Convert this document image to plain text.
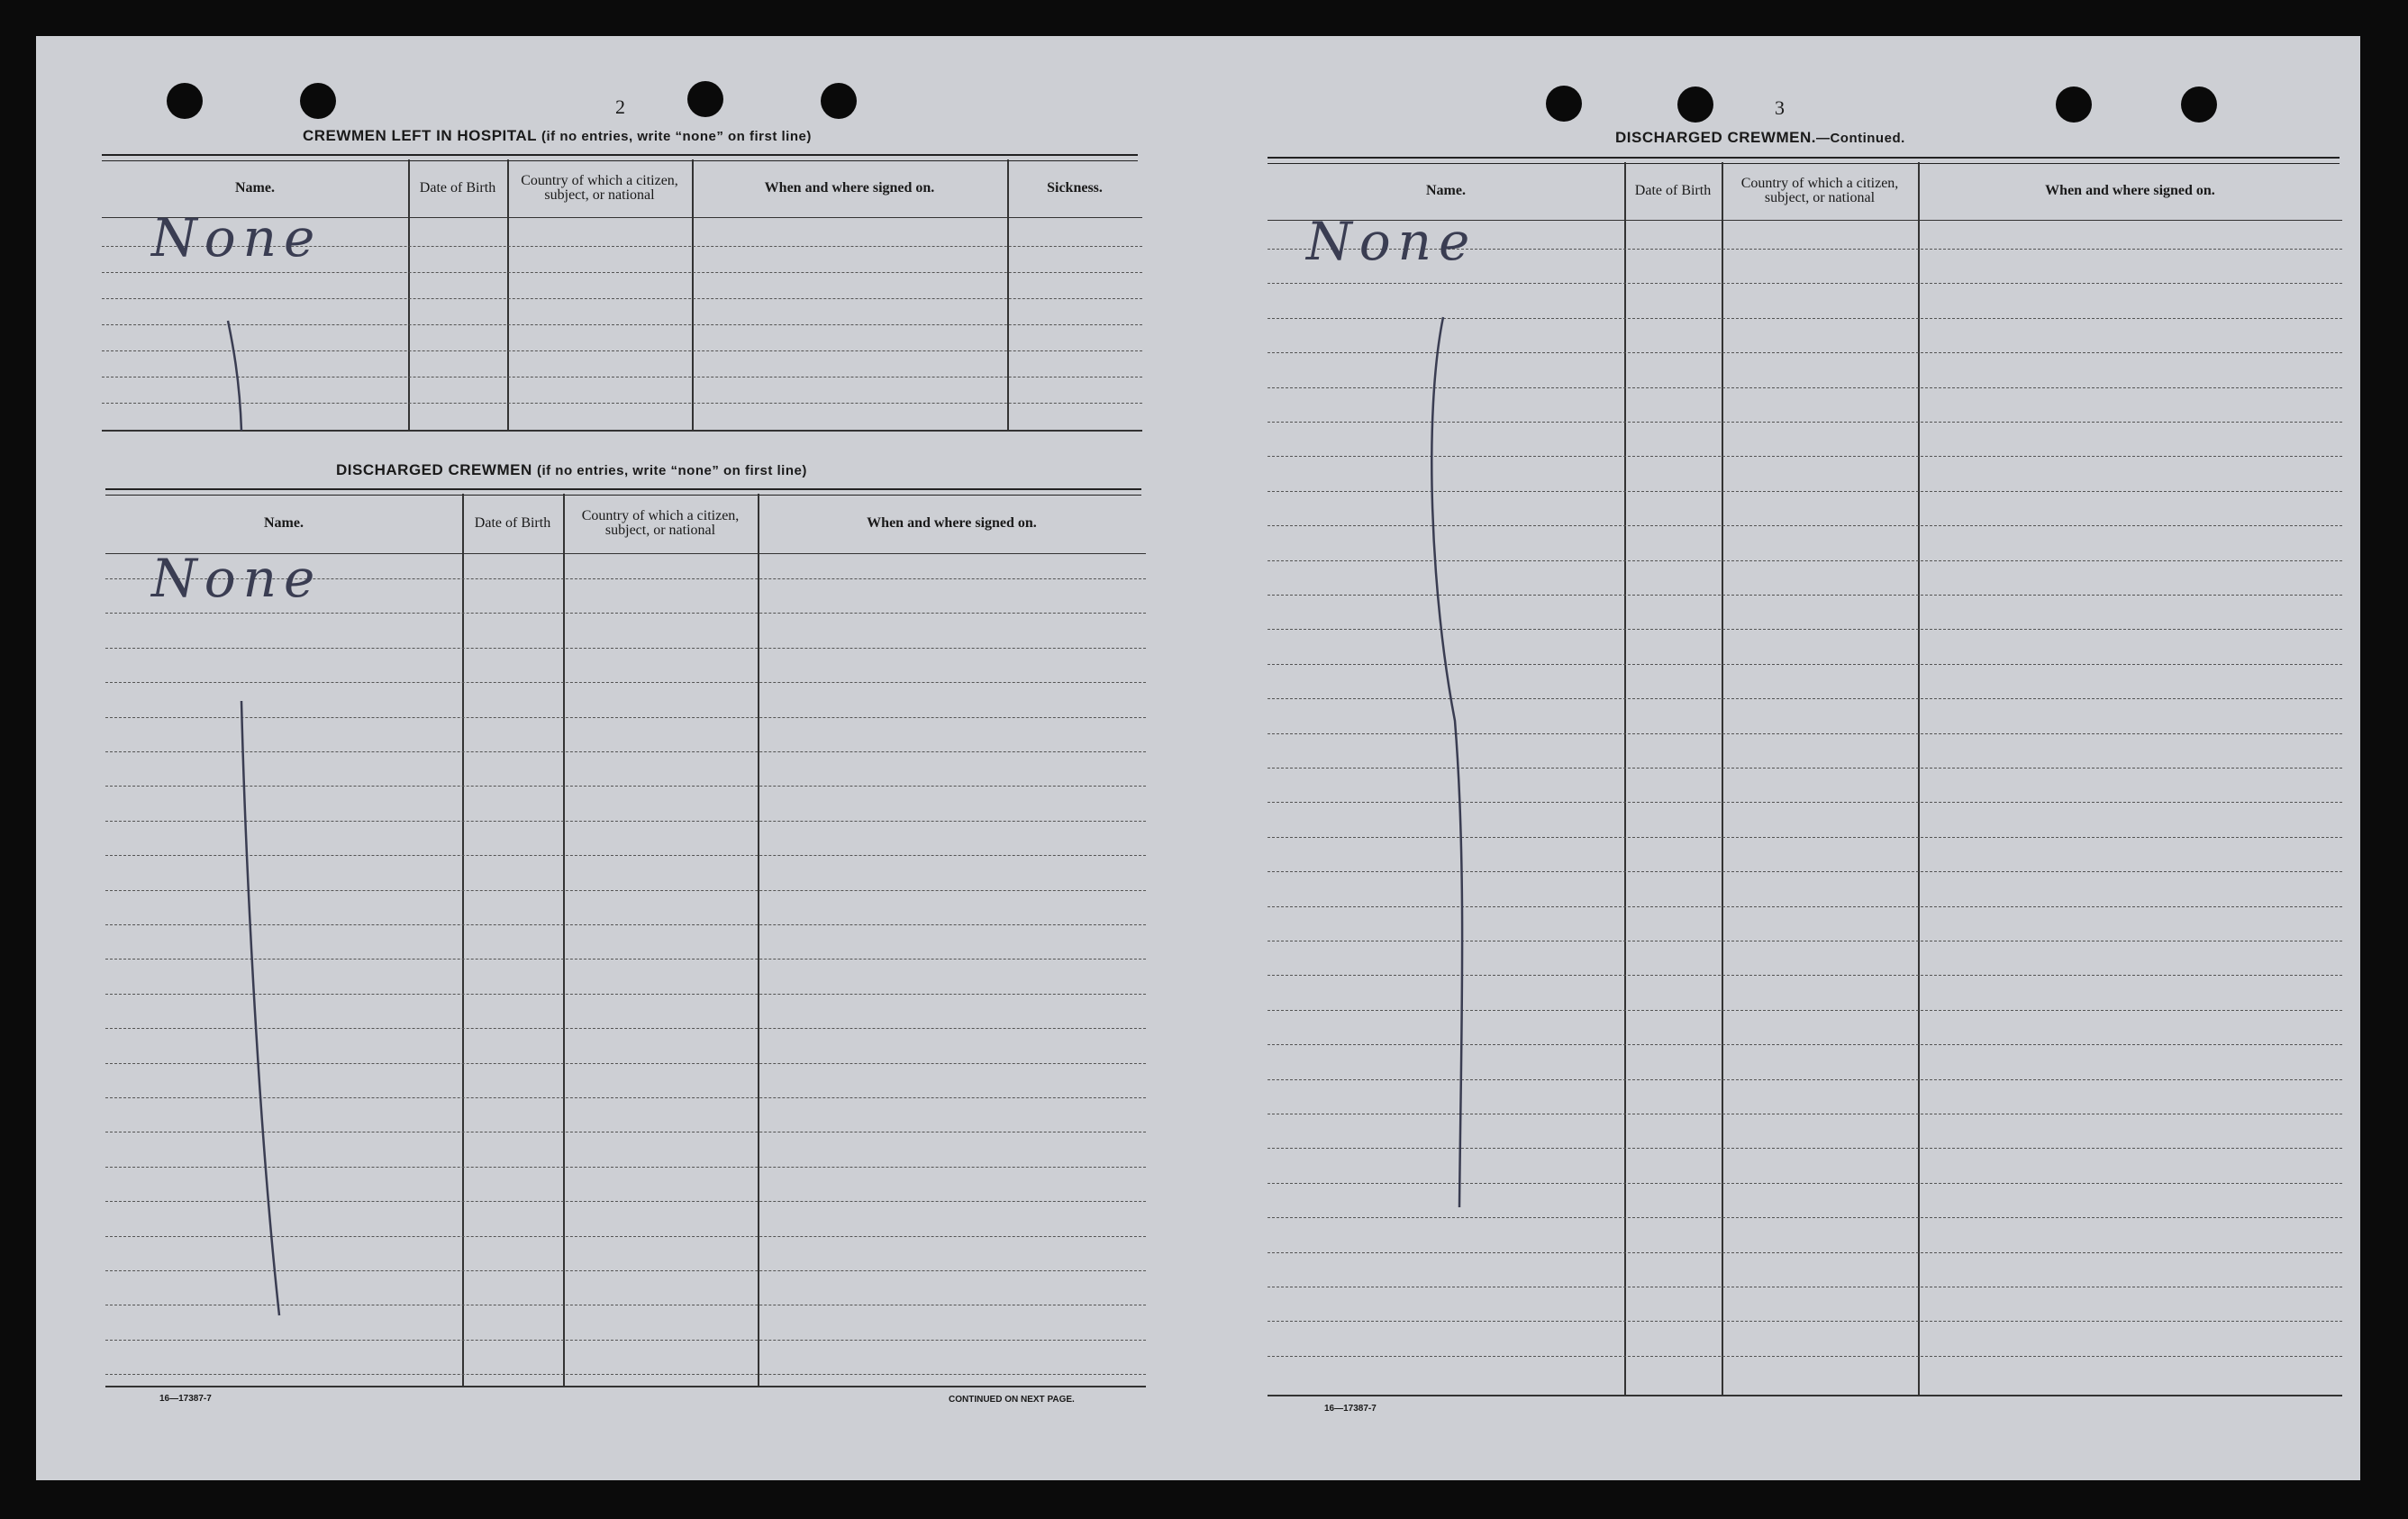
2
CREWMEN LEFT IN HOSPITAL (if no entries, write “none” on first line)
Name.	Date of Birth	Country of which a citizen, subject, or national	When and where signed on.	Sickness.
DISCHARGED CREWMEN (if no entries, write “none” on first line)
Name.	Date of Birth	Country of which a citizen, subject, or national	When and where signed on.
16—17387-7	CONTINUED ON NEXT PAGE.
3
DISCHARGED CREWMEN.—Continued.
Name.	Date of Birth	Country of which a citizen, subject, or national	When and where signed on.
16—17387-7
None
None
None
